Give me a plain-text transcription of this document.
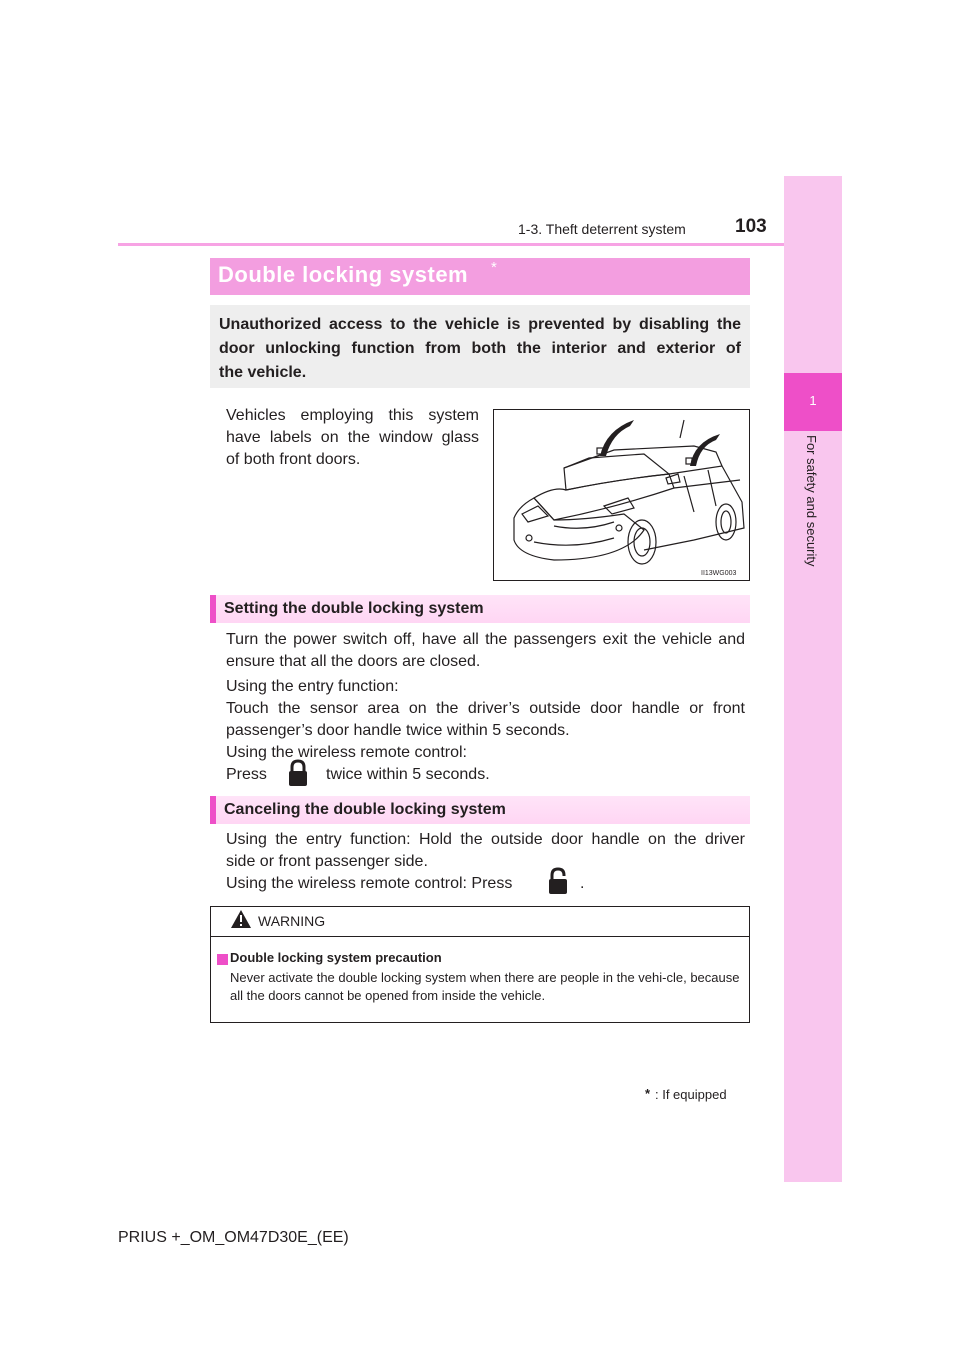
1
For safety and security
1-3. Theft deterrent system	103
Double locking system *
Unauthorized access to the vehicle is prevented by disabling the
door unlocking function from both the interior and exterior of
the vehicle.
Vehicles employing this system
have labels on the window glass
of both front doors.
II13WG003
Setting the double locking system
Turn the power switch off, have all the passengers exit the vehicle and
ensure that all the doors are closed.
Using the entry function:
Touch the sensor area on the driver’s outside door handle or front
passenger’s door handle twice within 5 seconds.
Using the wireless remote control:
Press	twice within 5 seconds.
Canceling the double locking system
Using the entry function: Hold the outside door handle on the driver
side or front passenger side.
Using the wireless remote control: Press	.
WARNING
Double locking system precaution
Never activate the double locking system when there are people in the vehi-cle, because all the doors cannot be opened from inside the vehicle.
* : If equipped
PRIUS +_OM_OM47D30E_(EE)
